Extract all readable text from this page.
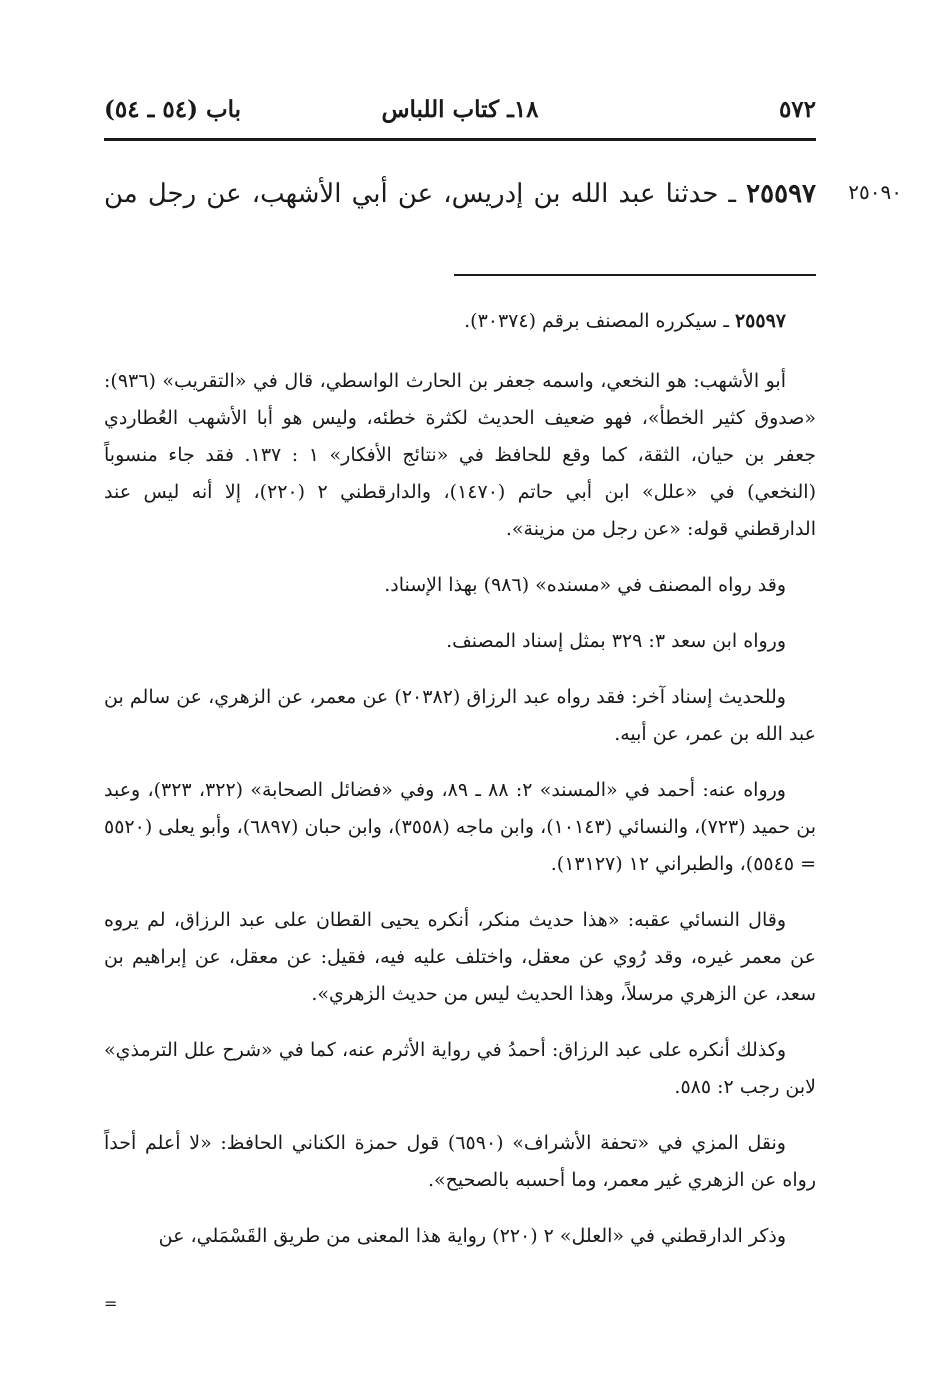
٥٧٢
١٨ـ كتاب اللباس
باب (٥٤ ـ ٥٤)
٢٥٠٩٠
٢٥٥٩٧ ـ حدثنا عبد الله بن إدريس، عن أبي الأشهب، عن رجل من

٢٥٥٩٧ ـ سيكرره المصنف برقم (٣٠٣٧٤).

أبو الأشهب: هو النخعي، واسمه جعفر بن الحارث الواسطي، قال في «التقريب» (٩٣٦): «صدوق كثير الخطأ»، فهو ضعيف الحديث لكثرة خطئه، وليس هو أبا الأشهب العُطاردي جعفر بن حيان، الثقة، كما وقع للحافظ في «نتائج الأفكار» ١ : ١٣٧. فقد جاء منسوباً (النخعي) في «علل» ابن أبي حاتم (١٤٧٠)، والدارقطني ٢ (٢٢٠)، إلا أنه ليس عند الدارقطني قوله: «عن رجل من مزينة».

وقد رواه المصنف في «مسنده» (٩٨٦) بهذا الإسناد.

ورواه ابن سعد ٣: ٣٢٩ بمثل إسناد المصنف.

وللحديث إسناد آخر: فقد رواه عبد الرزاق (٢٠٣٨٢) عن معمر، عن الزهري، عن سالم بن عبد الله بن عمر، عن أبيه.

ورواه عنه: أحمد في «المسند» ٢: ٨٨ ـ ٨٩، وفي «فضائل الصحابة» (٣٢٢، ٣٢٣)، وعبد بن حميد (٧٢٣)، والنسائي (١٠١٤٣)، وابن ماجه (٣٥٥٨)، وابن حبان (٦٨٩٧)، وأبو يعلى (٥٥٢٠ = ٥٥٤٥)، والطبراني ١٢ (١٣١٢٧).

وقال النسائي عقبه: «هذا حديث منكر، أنكره يحيى القطان على عبد الرزاق، لم يروه عن معمر غيره، وقد رُوي عن معقل، واختلف عليه فيه، فقيل: عن معقل، عن إبراهيم بن سعد، عن الزهري مرسلاً، وهذا الحديث ليس من حديث الزهري».

وكذلك أنكره على عبد الرزاق: أحمدُ في رواية الأثرم عنه، كما في «شرح علل الترمذي» لابن رجب ٢: ٥٨٥.

ونقل المزي في «تحفة الأشراف» (٦٥٩٠) قول حمزة الكناني الحافظ: «لا أعلم أحداً رواه عن الزهري غير معمر، وما أحسبه بالصحيح».

وذكر الدارقطني في «العلل» ٢ (٢٢٠) رواية هذا المعنى من طريق القَسْمَلي، عن

=
